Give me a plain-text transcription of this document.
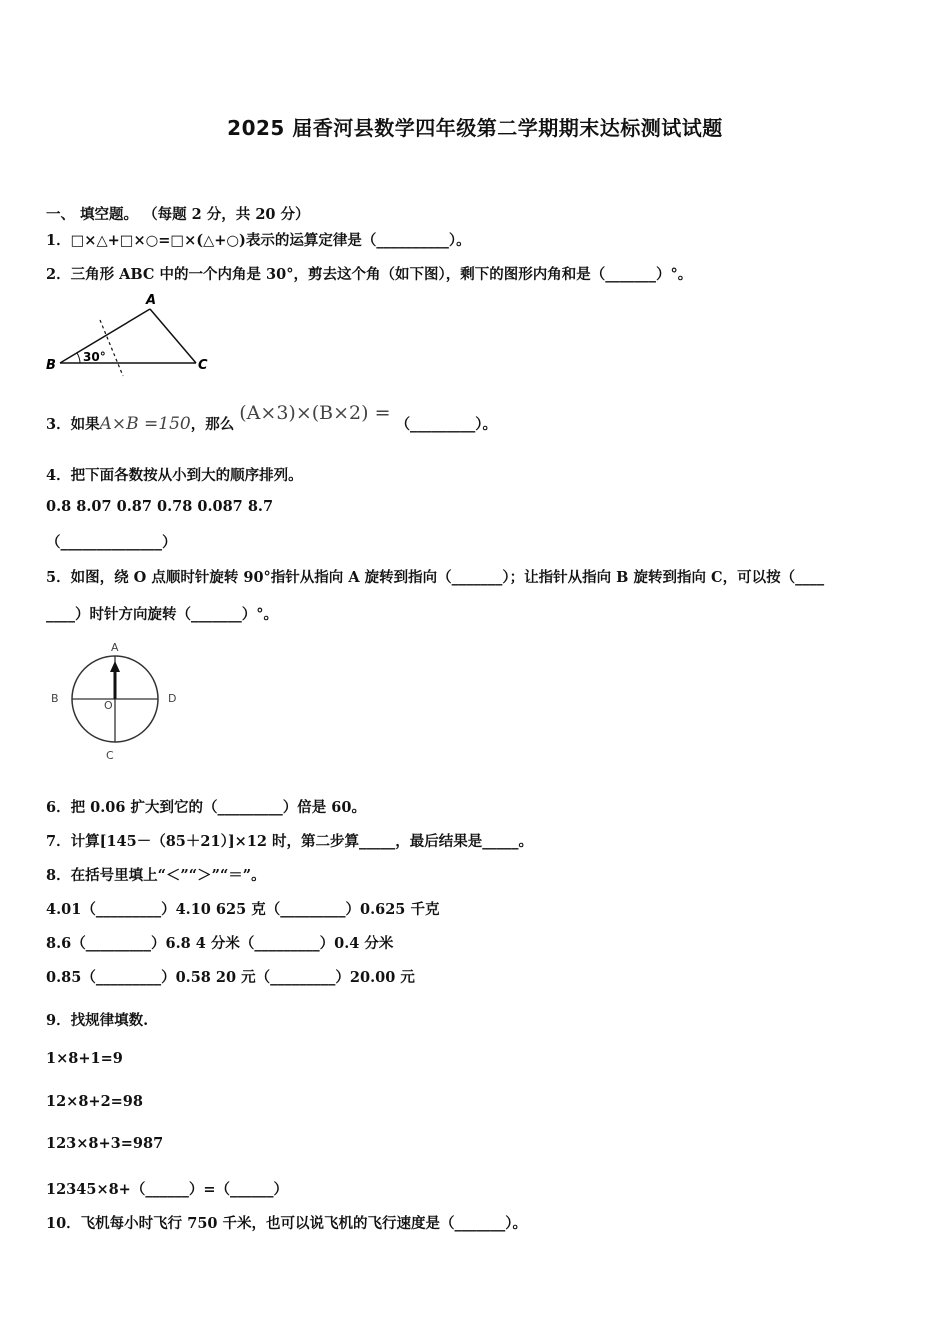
2025 届香河县数学四年级第二学期期末达标测试试题
一、 填空题。 （每题 2 分，共 20 分）
1．□×△+□×○=□×(△+○)表示的运算定律是（__________）。
2．三角形 ABC 中的一个内角是 30°，剪去这个角（如下图），剩下的图形内角和是（_______）°。
A
B	C
30°
3．如果A×B =150，那么 (A×3)×(B×2) = （_________）。
4．把下面各数按从小到大的顺序排列。
0.8 8.07 0.87 0.78 0.087 8.7
（______________）
5．如图，绕 O 点顺时针旋转 90°指针从指向 A 旋转到指向（_______）；让指针从指向 B 旋转到指向 C，可以按（____
____）时针方向旋转（_______）°。
A
B
C
D
O
6．把 0.06 扩大到它的（_________）倍是 60。
7．计算[145－（85＋21）]×12 时，第二步算_____，最后结果是_____。
8．在括号里填上“＜”“＞”“＝”。
4.01（_________）4.10 625 克（_________）0.625 千克
8.6（_________）6.8 4 分米（_________）0.4 分米
0.85（_________）0.58 20 元（_________）20.00 元
9．找规律填数.
1×8+1=9
12×8+2=98
123×8+3=987
12345×8+（______）=（______）
10．飞机每小时飞行 750 千米，也可以说飞机的飞行速度是（_______）。
